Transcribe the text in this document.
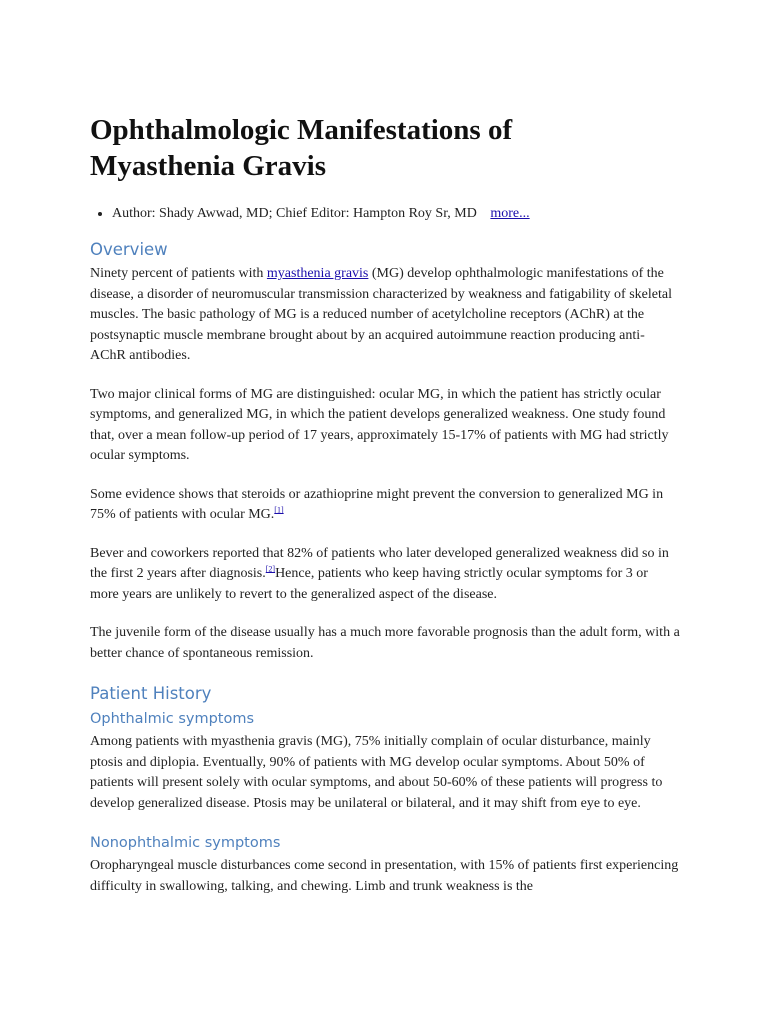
Ophthalmologic Manifestations of
Myasthenia Gravis
• Author: Shady Awwad, MD; Chief Editor: Hampton Roy Sr, MD more...
Overview

Ninety percent of patients with myasthenia gravis (MG) develop ophthalmologic manifestations of the disease, a disorder of neuromuscular transmission characterized by weakness and fatigability of skeletal muscles. The basic pathology of MG is a reduced number of acetylcholine receptors (AChR) at the postsynaptic muscle membrane brought about by an acquired autoimmune reaction producing anti-AChR antibodies.

Two major clinical forms of MG are distinguished: ocular MG, in which the patient has strictly ocular symptoms, and generalized MG, in which the patient develops generalized weakness. One study found that, over a mean follow-up period of 17 years, approximately 15-17% of patients with MG had strictly ocular symptoms.

Some evidence shows that steroids or azathioprine might prevent the conversion to generalized MG in 75% of patients with ocular MG.[1]

Bever and coworkers reported that 82% of patients who later developed generalized weakness did so in the first 2 years after diagnosis.[2]Hence, patients who keep having strictly ocular symptoms for 3 or more years are unlikely to revert to the generalized aspect of the disease.

The juvenile form of the disease usually has a much more favorable prognosis than the adult form, with a better chance of spontaneous remission.

Patient History
Ophthalmic symptoms

Among patients with myasthenia gravis (MG), 75% initially complain of ocular disturbance, mainly ptosis and diplopia. Eventually, 90% of patients with MG develop ocular symptoms. About 50% of patients will present solely with ocular symptoms, and about 50-60% of these patients will progress to develop generalized disease. Ptosis may be unilateral or bilateral, and it may shift from eye to eye.

Nonophthalmic symptoms

Oropharyngeal muscle disturbances come second in presentation, with 15% of patients first experiencing difficulty in swallowing, talking, and chewing. Limb and trunk weakness is the
